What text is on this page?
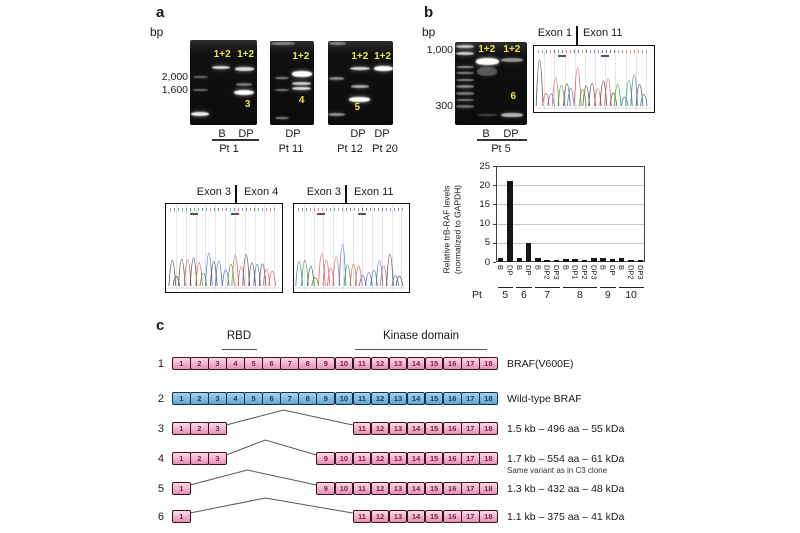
a
bp
2,000
1,600
Exon 3 Exon 4	Exon 3 Exon 11
b
bp
1,000
300
Exon 1 Exon 11
Relative trB-RAF levels (normalized to GAPDH)
c
RBD	Kinase domain
1+2 1+2
3
B	DP
Pt 1
1+2
4
DP
Pt 11
1+2 1+2
5
DP DP
Pt 12 Pt 20
1+2 1+2
6
B	DP
Pt 5
0
5
10
15
20
25
B DP B DP B DP2 DP3 B DP1 DP2 DP3 B DP B DP2 DP3
5	6	7	8	9	10
Pt
1	1	2	3	4	5	6	7	8	9	10	11	12	13	14	15	16	17	18	BRAF(V600E)
2	1	2	3	4	5	6	7	8	9	10	11	12	13	14	15	16	17	18	Wild-type BRAF
3	1	2	3	11	12	13	14	15	16	17	18	1.5 kb – 496 aa – 55 kDa
4	1	2	3	9	10	11	12	13	14	15	16	17	18	1.7 kb – 554 aa – 61 kDa
Same variant as in C3 clone
5	1	9	10	11	12	13	14	15	16	17	18	1.3 kb – 432 aa – 48 kDa
6	1	11	12	13	14	15	16	17	18	1.1 kb – 375 aa – 41 kDa
